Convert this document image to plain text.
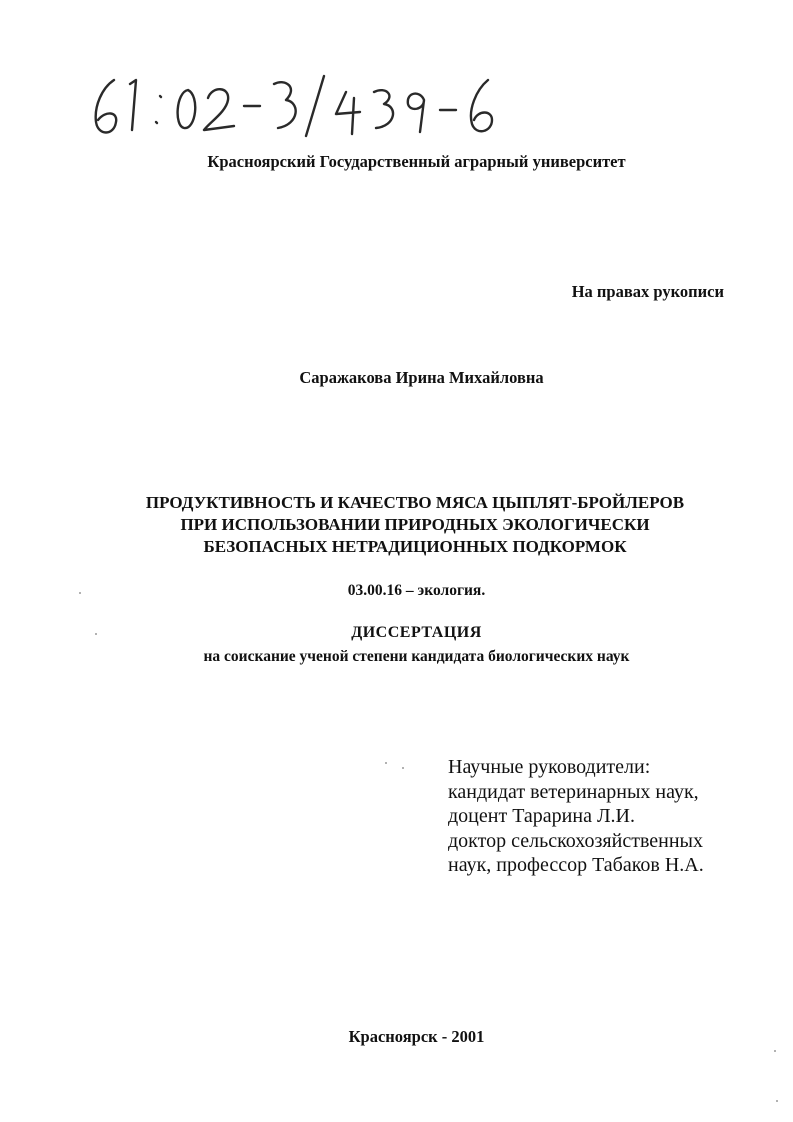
Красноярский Государственный аграрный университет
На правах рукописи
Саражакова Ирина Михайловна
ПРОДУКТИВНОСТЬ И КАЧЕСТВО МЯСА ЦЫПЛЯТ-БРОЙЛЕРОВ
ПРИ ИСПОЛЬЗОВАНИИ ПРИРОДНЫХ ЭКОЛОГИЧЕСКИ
БЕЗОПАСНЫХ НЕТРАДИЦИОННЫХ ПОДКОРМОК
03.00.16 – экология.
ДИССЕРТАЦИЯ
на соискание ученой степени кандидата биологических наук
Научные руководители:
кандидат ветеринарных наук,
доцент Тарарина Л.И.
доктор сельскохозяйственных
наук, профессор Табаков Н.А.
Красноярск - 2001
